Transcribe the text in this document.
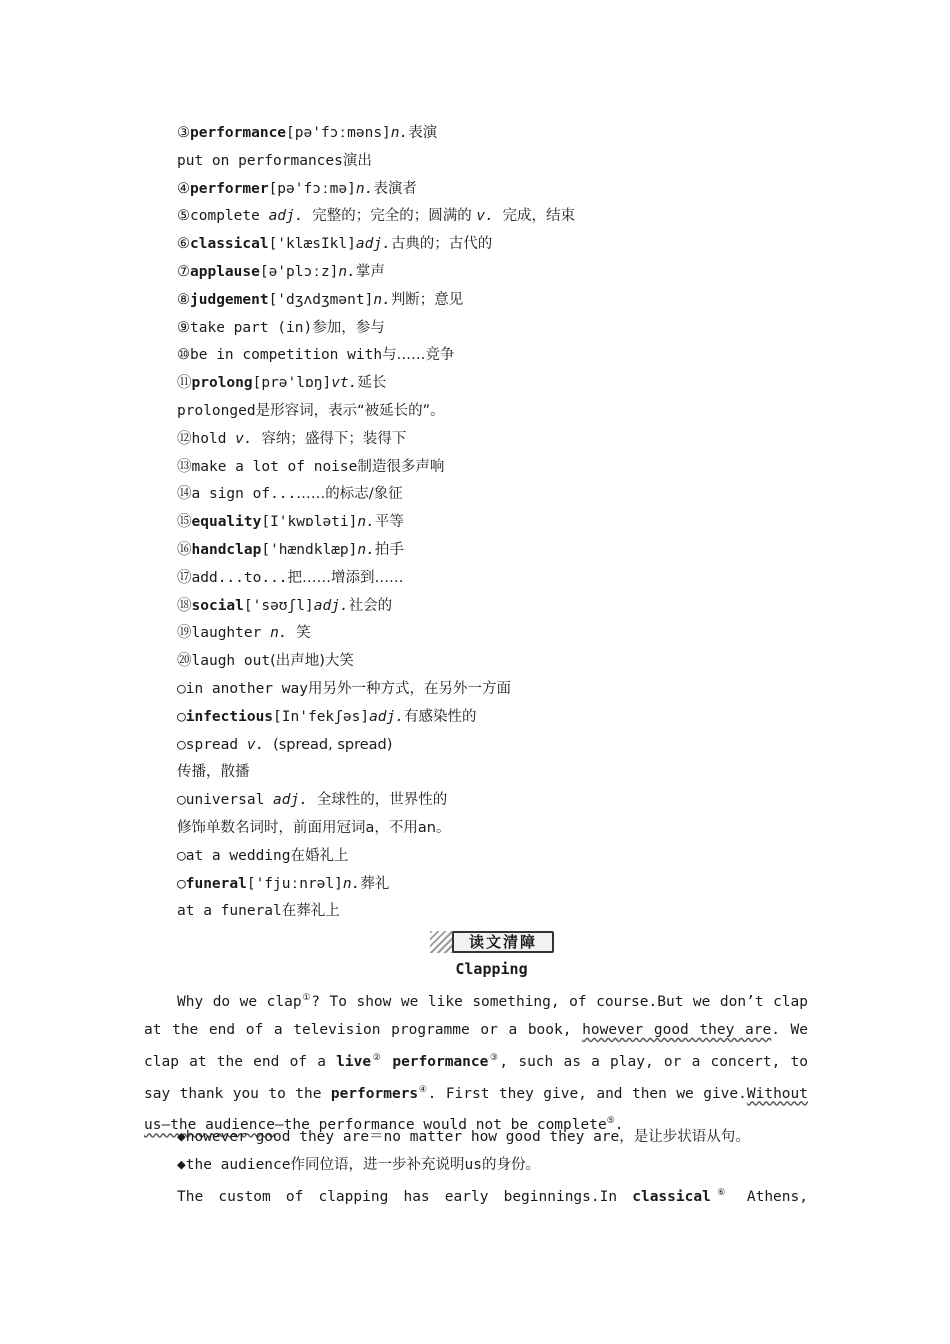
③performance[pə'fɔːməns]n.表演
put on performances演出
④performer[pə'fɔːmə]n.表演者
⑤complete adj. 完整的；完全的；圆满的 v. 完成，结束
⑥classical['klæsIkl]adj.古典的；古代的
⑦applause[ə'plɔːz]n.掌声
⑧judgement['dʒʌdʒmənt]n.判断；意见
⑨take part (in)参加，参与
⑩be in competition with与……竞争
⑪prolong[prə'lɒŋ]vt.延长
prolonged是形容词，表示“被延长的”。
⑫hold v. 容纳；盛得下；装得下
⑬make a lot of noise制造很多声响
⑭a sign of...……的标志/象征
⑮equality[I'kwɒləti]n.平等
⑯handclap['hændklæp]n.拍手
⑰add...to...把……增添到……
⑱social['səʊʃl]adj.社会的
⑲laughter n. 笑
⑳laugh out(出声地)大笑
○in another way用另外一种方式，在另外一方面
○infectious[In'fekʃəs]adj.有感染性的
○spread v. (spread, spread)
传播，散播
○universal adj. 全球性的，世界性的
修饰单数名词时，前面用冠词a，不用an。
○at a wedding在婚礼上
○funeral['fjuːnrəl]n.葬礼
at a funeral在葬礼上
读文清障
Clapping
Why do we clap①? To show we like something, of course.But we don’t clap at the end of a television programme or a book, however good they are. We clap at the end of a live② performance③, such as a play, or a concert, to say thank you to the performers④. First they give, and then we give.Without us—the audience—the performance would not be complete⑤.
◆however good they are＝no matter how good they are，是让步状语从句。
◆the audience作同位语，进一步补充说明us的身份。
The custom of clapping has early beginnings.In classical⑥ Athens,
